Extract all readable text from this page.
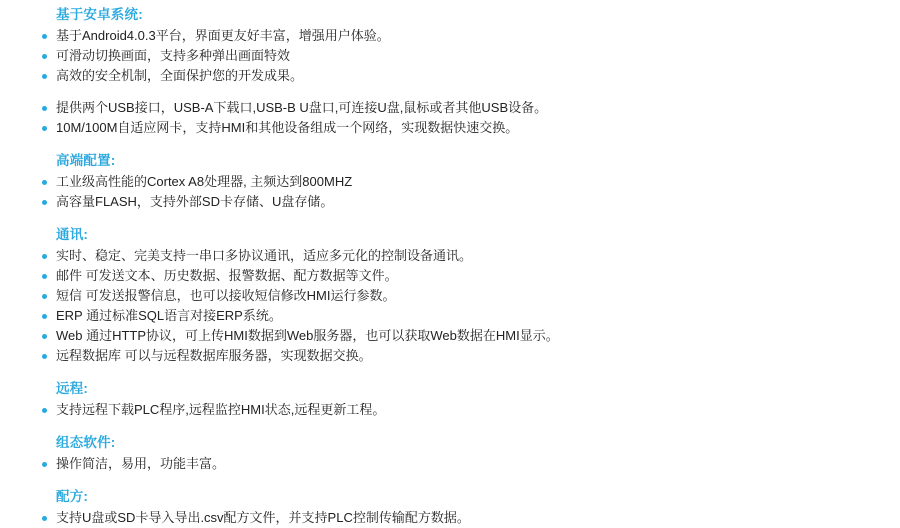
基于安卓系统:
基于Android4.0.3平台，界面更友好丰富，增强用户体验。
可滑动切换画面，支持多种弹出画面特效
高效的安全机制，全面保护您的开发成果。
提供两个USB接口，USB-A下载口,USB-B U盘口,可连接U盘,鼠标或者其他USB设备。
10M/100M自适应网卡，支持HMI和其他设备组成一个网络，实现数据快速交换。
高端配置:
工业级高性能的Cortex A8处理器, 主频达到800MHZ
高容量FLASH，支持外部SD卡存储、U盘存储。
通讯:
实时、稳定、完美支持一串口多协议通讯，适应多元化的控制设备通讯。
邮件 可发送文本、历史数据、报警数据、配方数据等文件。
短信 可发送报警信息，也可以接收短信修改HMI运行参数。
ERP 通过标准SQL语言对接ERP系统。
Web 通过HTTP协议，可上传HMI数据到Web服务器，也可以获取Web数据在HMI显示。
远程数据库 可以与远程数据库服务器，实现数据交换。
远程:
支持远程下载PLC程序,远程监控HMI状态,远程更新工程。
组态软件:
操作简洁，易用，功能丰富。
配方:
支持U盘或SD卡导入导出.csv配方文件，并支持PLC控制传输配方数据。
